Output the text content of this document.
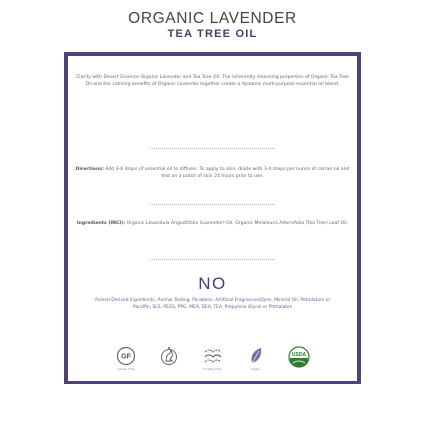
ORGANIC LAVENDER
TEA TREE OIL
Clarify with Desert Essence Organic Lavender and Tea Tree Oil. The inherently cleansing properties of Organic Tea Tree Oil and the calming benefits of Organic Lavender together create a dynamic multi-purpose essential oil blend.
Directions: Add 3-6 drops of essential oil to diffuser. To apply to skin, dilute with 3-4 drops per ounce of carrier oil and test on a patch of skin 24 hours prior to use.
Ingredients (INCI): Organic Lavandula Angustifolia (Lavender) Oil, Organic Melaleuca Alternifolia (Tea Tree) Leaf Oil.
NO
Animal Derived Ingredients, Animal Testing, Parabens, Artificial Fragrances/Dyes, Mineral Oil, Petrolatum or Paraffin, SLS, PEGS, PPG, MEA, DEA, TEA, Propylene Glycol or Phthalates
GF
Gluten Free	Cruelty Free	Vegan
USDA
